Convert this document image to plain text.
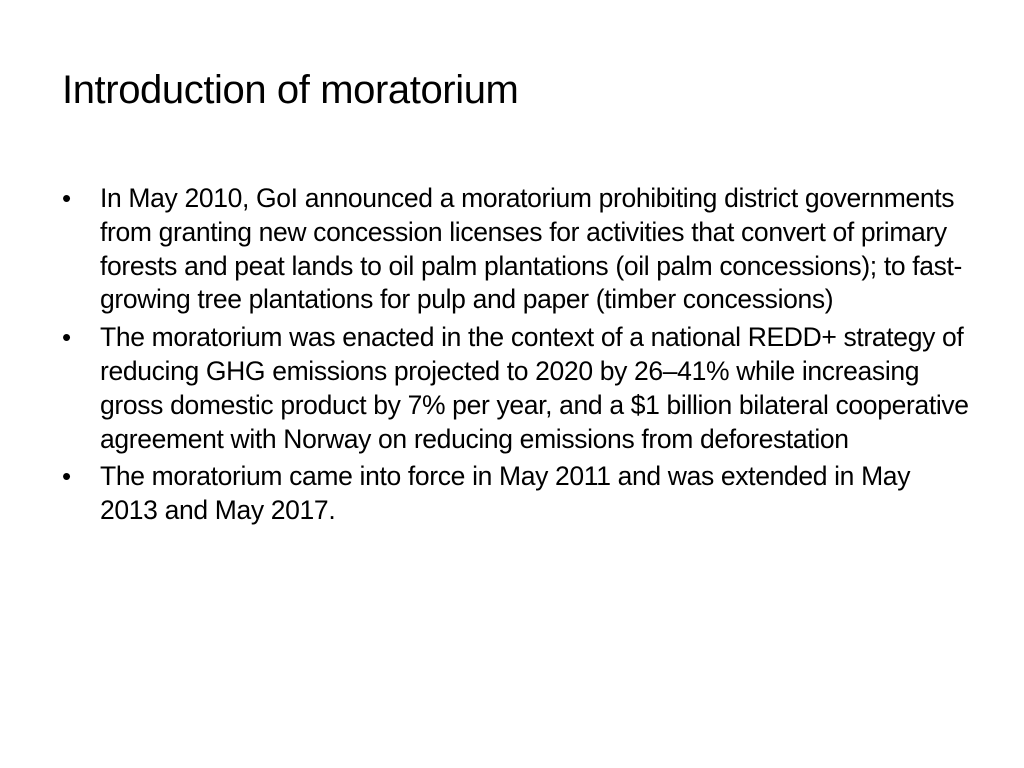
Introduction of moratorium
• In May 2010, GoI announced a moratorium prohibiting district governments from granting new concession licenses for activities that convert of primary forests and peat lands to oil palm plantations (oil palm concessions); to fast-growing tree plantations for pulp and paper (timber concessions)
• The moratorium was enacted in the context of a national REDD+ strategy of reducing GHG emissions projected to 2020 by 26–41% while increasing gross domestic product by 7% per year, and a $1 billion bilateral cooperative agreement with Norway on reducing emissions from deforestation
• The moratorium came into force in May 2011 and was extended in May 2013 and May 2017.
